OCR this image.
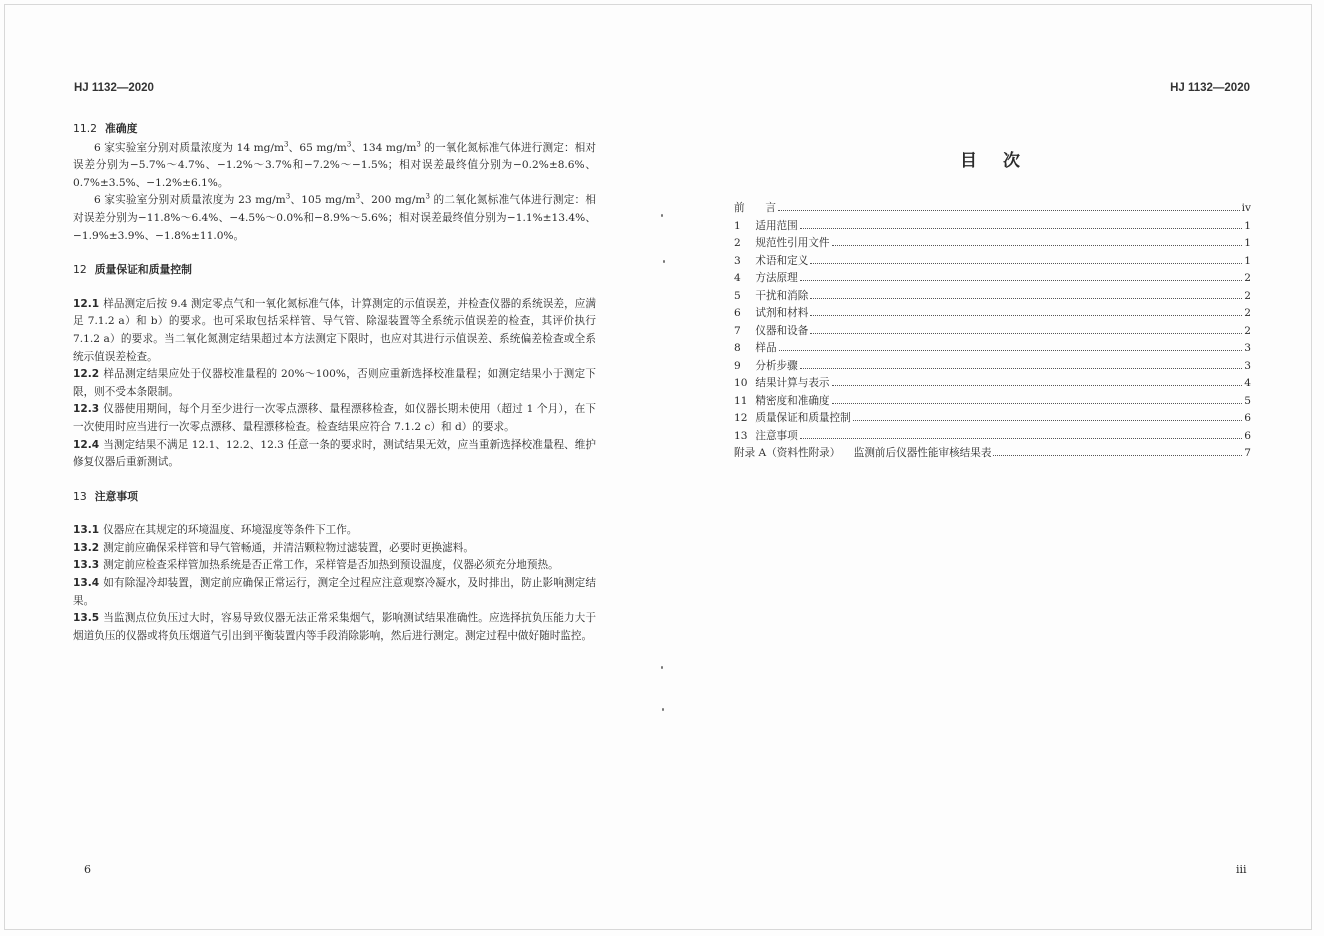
HJ 1132—2020

11.2 准确度

6 家实验室分别对质量浓度为 14 $mg/m^3$、65 $mg/m^3$、134 $mg/m^3$ 的一氧化氮标准气体进行测定：相对误差分别为−5.7%～4.7%、−1.2%～3.7%和−7.2%～−1.5%；相对误差最终值分别为−0.2%±8.6%、0.7%±3.5%、−1.2%±6.1%。

6 家实验室分别对质量浓度为 23 $mg/m^3$、105 $mg/m^3$、200 $mg/m^3$ 的二氧化氮标准气体进行测定：相对误差分别为−11.8%～6.4%、−4.5%～0.0%和−8.9%～5.6%；相对误差最终值分别为−1.1%±13.4%、−1.9%±3.9%、−1.8%±11.0%。

12 质量保证和质量控制

12.1 样品测定后按 9.4 测定零点气和一氧化氮标准气体，计算测定的示值误差，并检查仪器的系统误差，应满足 7.1.2 a）和 b）的要求。也可采取包括采样管、导气管、除湿装置等全系统示值误差的检查，其评价执行 7.1.2 a）的要求。当二氧化氮测定结果超过本方法测定下限时，也应对其进行示值误差、系统偏差检查或全系统示值误差检查。

12.2 样品测定结果应处于仪器校准量程的 20%～100%，否则应重新选择校准量程；如测定结果小于测定下限，则不受本条限制。

12.3 仪器使用期间，每个月至少进行一次零点漂移、量程漂移检查，如仪器长期未使用（超过 1 个月），在下一次使用时应当进行一次零点漂移、量程漂移检查。检查结果应符合 7.1.2 c）和 d）的要求。

12.4 当测定结果不满足 12.1、12.2、12.3 任意一条的要求时，测试结果无效，应当重新选择校准量程、维护修复仪器后重新测试。

13 注意事项

13.1 仪器应在其规定的环境温度、环境湿度等条件下工作。

13.2 测定前应确保采样管和导气管畅通，并清洁颗粒物过滤装置，必要时更换滤料。

13.3 测定前应检查采样管加热系统是否正常工作，采样管是否加热到预设温度，仪器必须充分地预热。

13.4 如有除湿冷却装置，测定前应确保正常运行，测定全过程应注意观察冷凝水，及时排出，防止影响测定结果。

13.5 当监测点位负压过大时，容易导致仪器无法正常采集烟气，影响测试结果准确性。应选择抗负压能力大于烟道负压的仪器或将负压烟道气引出到平衡装置内等手段消除影响，然后进行测定。测定过程中做好随时监控。

6
HJ 1132—2020
目次
前 言	iv
1 适用范围	1
2 规范性引用文件	1
3 术语和定义	1
4 方法原理	2
5 干扰和消除	2
6 试剂和材料	2
7 仪器和设备	2
8 样品	3
9 分析步骤	3
10 结果计算与表示	4
11 精密度和准确度	5
12 质量保证和质量控制	6
13 注意事项	6
附录 A（资料性附录） 监测前后仪器性能审核结果表	7
iii
